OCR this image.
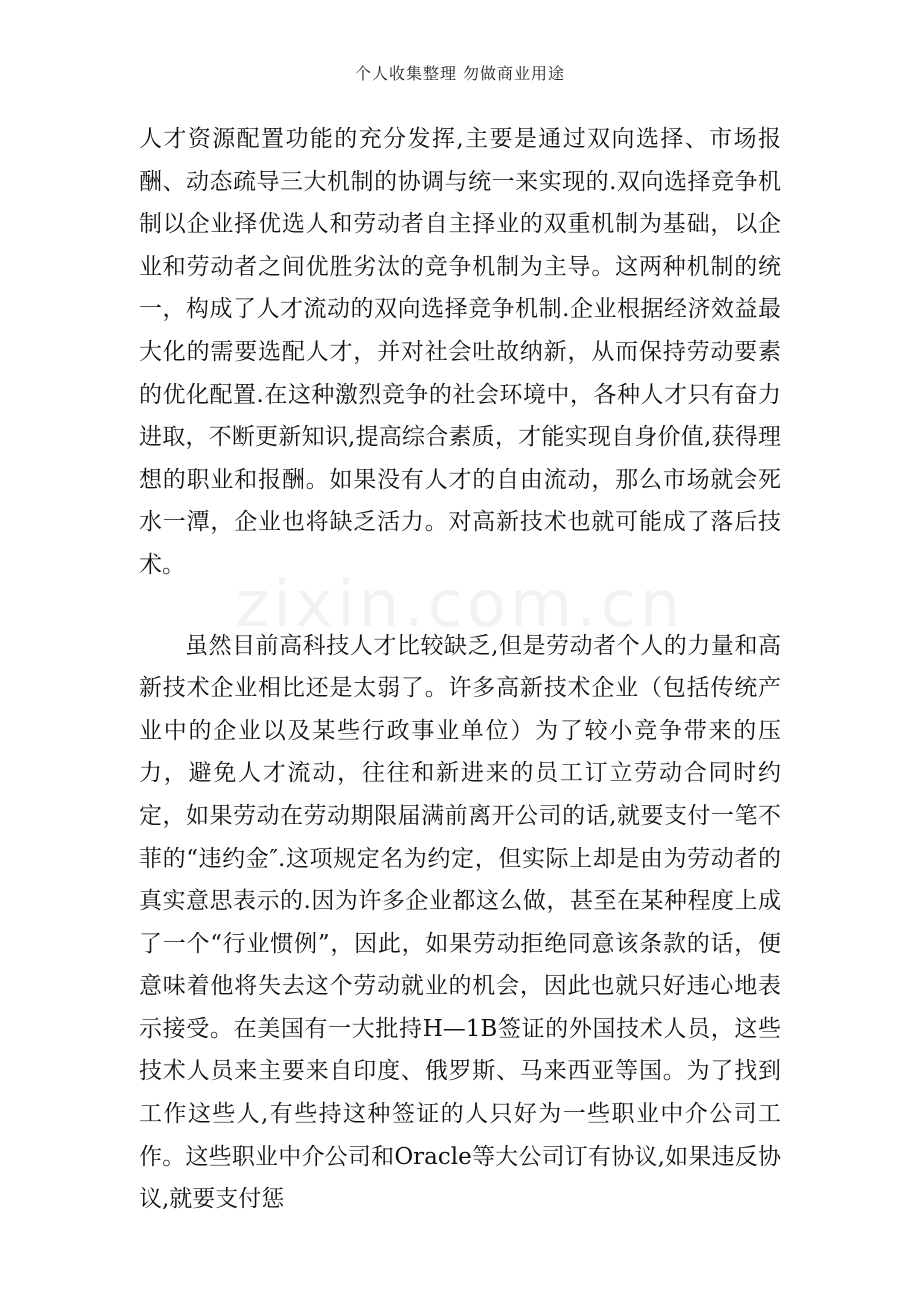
个人收集整理 勿做商业用途
zixin.com.cn

人才资源配置功能的充分发挥,主要是通过双向选择、市场报酬、动态疏导三大机制的协调与统一来实现的.双向选择竞争机制以企业择优选人和劳动者自主择业的双重机制为基础，以企业和劳动者之间优胜劣汰的竞争机制为主导。这两种机制的统一，构成了人才流动的双向选择竞争机制.企业根据经济效益最大化的需要选配人才，并对社会吐故纳新，从而保持劳动要素的优化配置.在这种激烈竞争的社会环境中，各种人才只有奋力进取，不断更新知识,提高综合素质，才能实现自身价值,获得理想的职业和报酬。如果没有人才的自由流动，那么市场就会死水一潭，企业也将缺乏活力。对高新技术也就可能成了落后技术。

虽然目前高科技人才比较缺乏,但是劳动者个人的力量和高新技术企业相比还是太弱了。许多高新技术企业（包括传统产业中的企业以及某些行政事业单位）为了较小竞争带来的压力，避免人才流动，往往和新进来的员工订立劳动合同时约定，如果劳动在劳动期限届满前离开公司的话,就要支付一笔不菲的“违约金″.这项规定名为约定，但实际上却是由为劳动者的真实意思表示的.因为许多企业都这么做，甚至在某种程度上成了一个“行业惯例”，因此，如果劳动拒绝同意该条款的话，便意味着他将失去这个劳动就业的机会，因此也就只好违心地表示接受。在美国有一大批持H—1B签证的外国技术人员，这些技术人员来主要来自印度、俄罗斯、马来西亚等国。为了找到工作这些人,有些持这种签证的人只好为一些职业中介公司工作。这些职业中介公司和Oracle等大公司订有协议,如果违反协议,就要支付惩
